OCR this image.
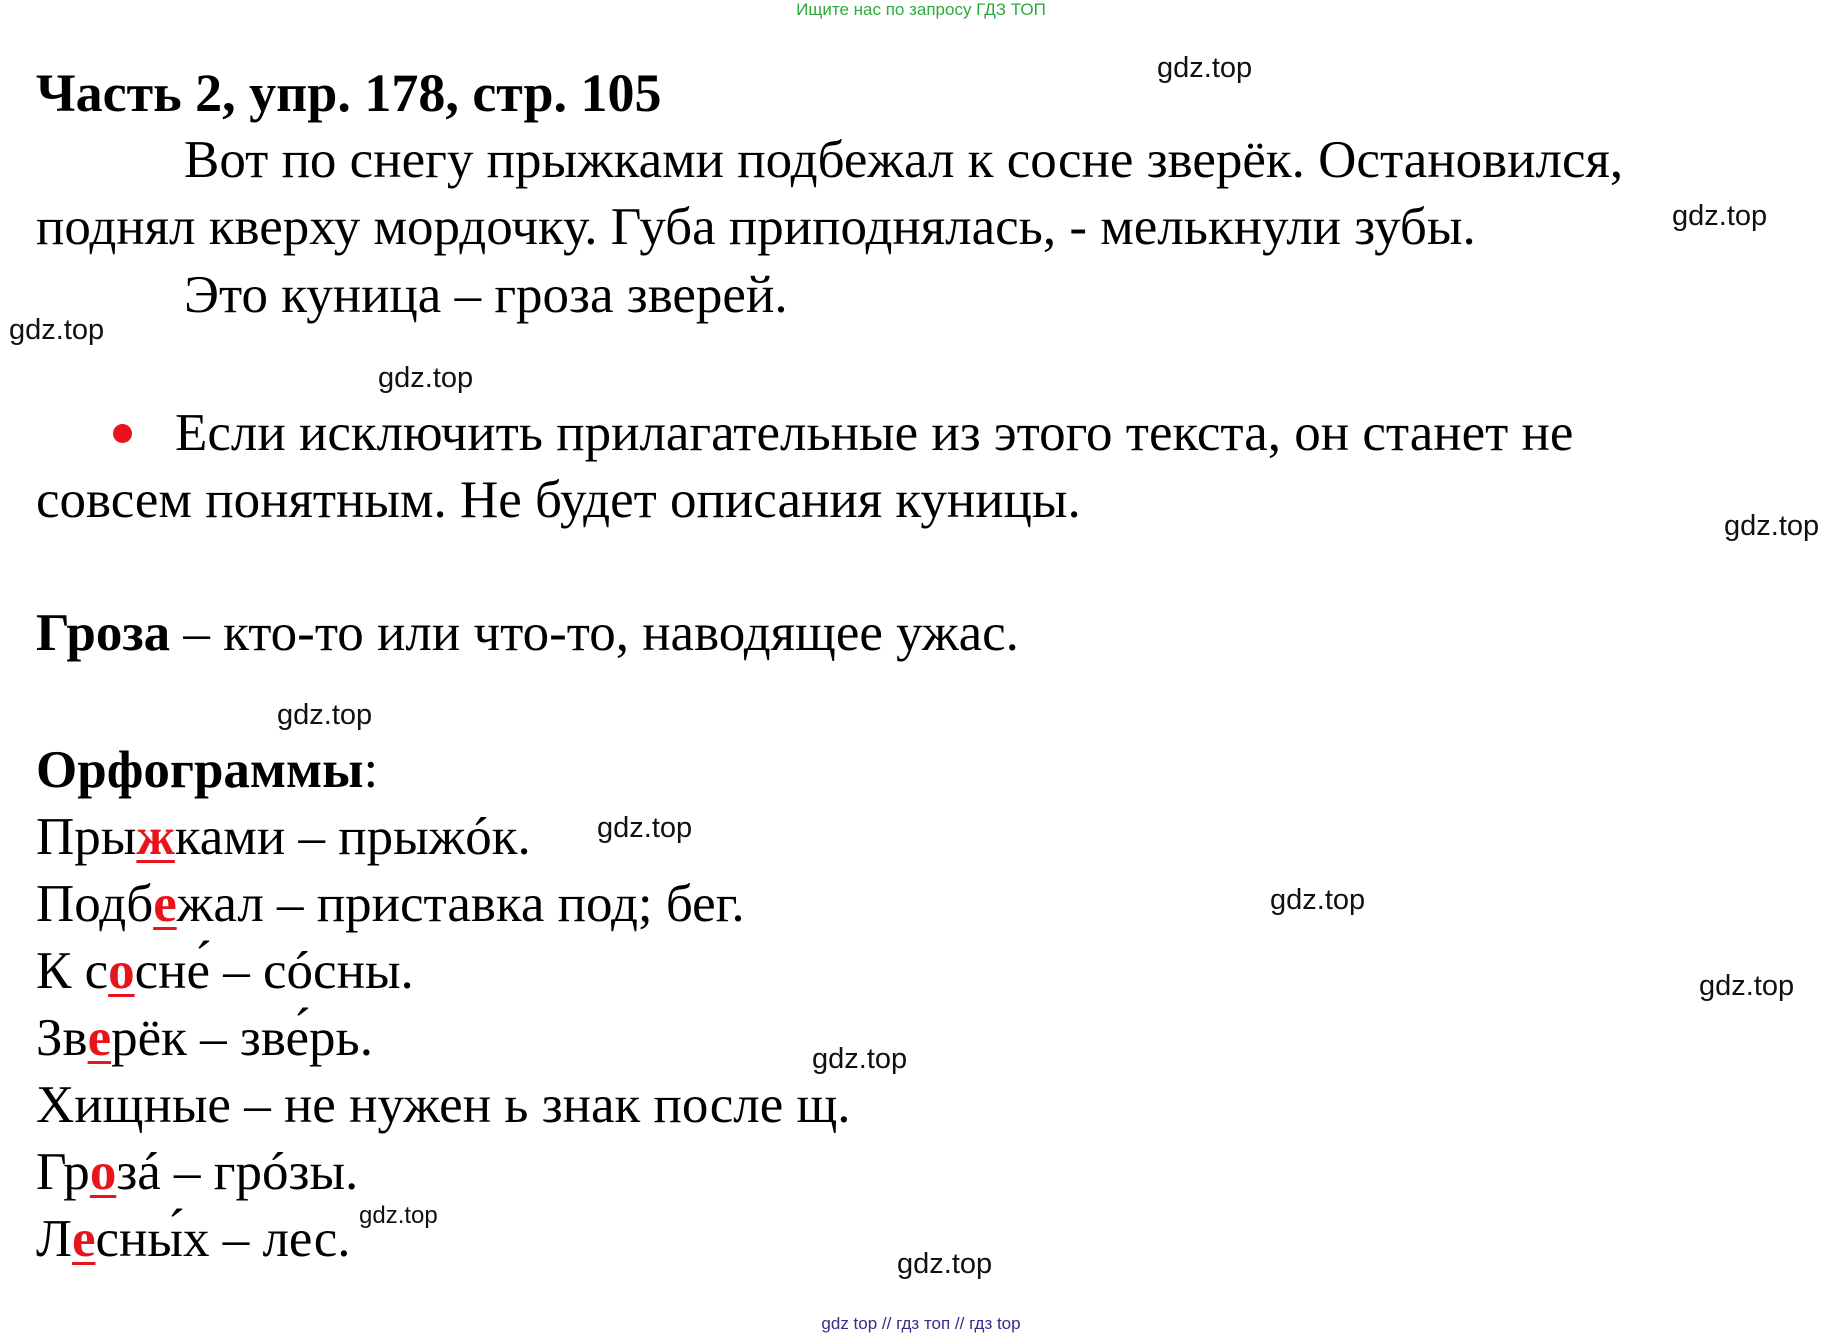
Ищите нас по запросу ГДЗ ТОП
gdz.top
gdz.top
gdz.top
gdz.top
gdz.top
gdz.top
gdz.top
gdz.top
gdz.top
gdz.top
gdz.top
gdz.top
Часть 2, упр. 178, стр. 105
Вот по снегу прыжками подбежал к сосне зверёк. Остановился,
поднял кверху мордочку. Губа приподнялась, - мелькнули зубы.
Это куница – гроза зверей.
Если исключить прилагательные из этого текста, он станет не
совсем понятным. Не будет описания куницы.
Гроза – кто-то или что-то, наводящее ужас.
Орфограммы:
Прыжками – прыжóк.
Подбежал – приставка под; бег.
К сосне́ – сóсны.
Зверёк – зве́рь.
Хищные – не нужен ь знак после щ.
Грозá – грóзы.
Лесны́х – лес.
gdz top // гдз топ // гдз top
